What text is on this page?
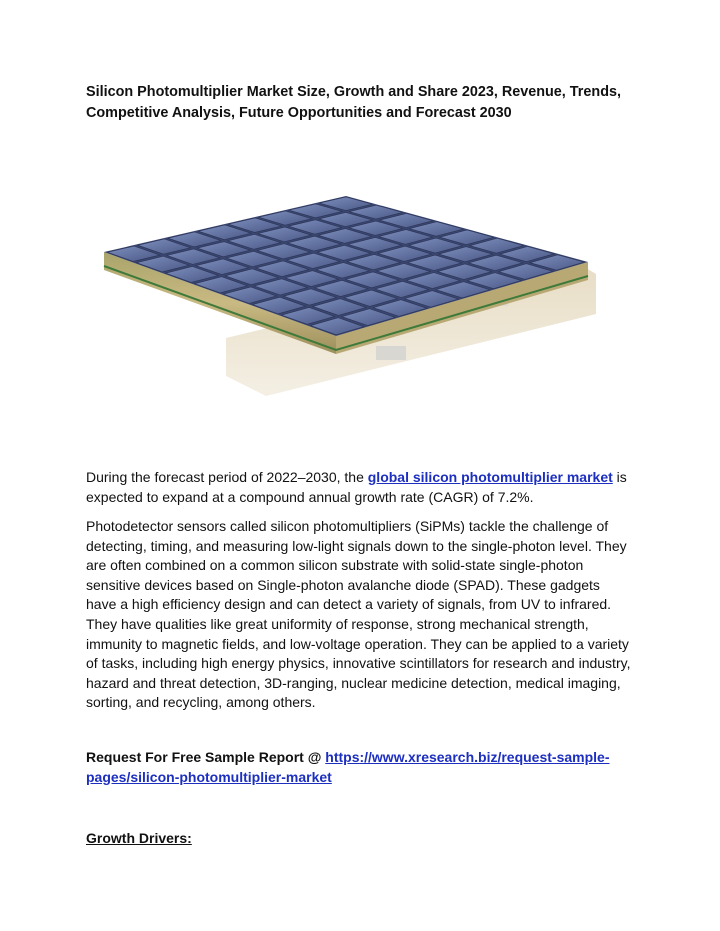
Silicon Photomultiplier Market Size, Growth and Share 2023, Revenue, Trends,
Competitive Analysis, Future Opportunities and Forecast 2030

During the forecast period of 2022–2030, the global silicon photomultiplier market is
expected to expand at a compound annual growth rate (CAGR) of 7.2%.

Photodetector sensors called silicon photomultipliers (SiPMs) tackle the challenge of
detecting, timing, and measuring low-light signals down to the single-photon level. They
are often combined on a common silicon substrate with solid-state single-photon
sensitive devices based on Single-photon avalanche diode (SPAD). These gadgets
have a high efficiency design and can detect a variety of signals, from UV to infrared.
They have qualities like great uniformity of response, strong mechanical strength,
immunity to magnetic fields, and low-voltage operation. They can be applied to a variety
of tasks, including high energy physics, innovative scintillators for research and industry,
hazard and threat detection, 3D-ranging, nuclear medicine detection, medical imaging,
sorting, and recycling, among others.

Request For Free Sample Report @ https://www.xresearch.biz/request-sample-
pages/silicon-photomultiplier-market

Growth Drivers:
